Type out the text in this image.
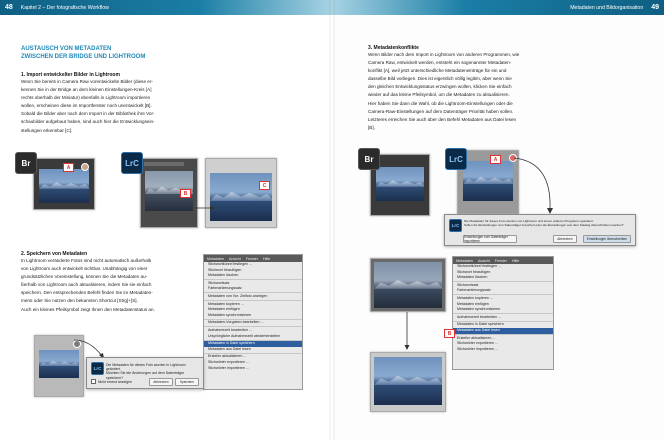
48	Kapitel 2 – Der fotografische Workflow
AUSTAUSCH VON METADATEN
ZWISCHEN DER BRIDGE UND LIGHTROOM
1. Import entwickelter Bilder in Lightroom
Wenn Sie bereits in Camera Raw vorentwickelte Bilder (diese er-
kennen Sie in der Bridge an dem kleinen Einstellungen-Kreis [A]
rechts oberhalb der Miniatur) ebenfalls in Lightroom importieren
wollen, erscheinen diese im Importfenster noch unentwickelt [B].
Sobald die Bilder aber nach dem Import in der Bibliothek ihre Vor-
schaubilder aufgebaut haben, sind auch hier die Entwicklungsein-
stellungen erkennbar [C].
Br	A	LrC
B
C
2. Speichern von Metadaten
In Lightroom veränderte Fotos sind nicht automatisch außerhalb
von Lightroom auch entwickelt sichtbar. Unabhängig von einer
grundsätzlichen Voreinstellung, können Sie die Metadaten au-
ßerhalb von Lightroom auch aktualisieren, indem Sie sie einfach
speichern. Den entsprechenden Befehl finden Sie im Metadaten-
menü oder Sie nutzen den bekannten Shortcut [Strg]+[S].
Auch ein kleines Pfeilsymbol zeigt Ihnen den Metadatenstatus an.
Metadaten Ansicht Fenster Hilfe
Stichwortkürzel festlegen ...
Stichwort hinzufügen
Metadaten löschen
Stichwortsatz
Farbmarkierungssatz
Metadaten von Vor. Zielfoto anzeigen
Metadaten kopieren ...
Metadaten einfügen
Metadaten synchronisieren
Metadaten-Vorgaben bearbeiten ...
Aufnahmezeit bearbeiten ...
Ursprüngliche Aufnahmezeit wiederherstellen
Metadaten in Datei speichern
Metadaten aus Datei lesen
Ersteller aktualisieren ...
Stichwörter exportieren ...
Stichwörter importieren ...
LrC
Die Metadaten für dieses Foto wurden in Lightroom geändert.
Möchten Sie die Änderungen auf dem Datenträger speichern?
Nicht erneut anzeigen	Abbrechen	Speichern
Metadaten und Bildorganisation	49
3. Metadatenkonflikte
Wenn Bilder nach dem Import in Lightroom von anderen Programmen, wie
Camera Raw, entwickelt werden, entsteht ein sogenannter Metadaten-
konflikt [A], weil jetzt unterschiedliche Metadateneinträge für ein und
dasselbe Bild vorliegen. Dies ist eigentlich völlig legitim, aber wenn Sie
den gleichen Entwicklungsstatus erzwingen wollen, klicken Sie einfach
wieder auf das kleine Pfeilsymbol, um die Metadaten zu aktualisieren.
Hier haben Sie dann die Wahl, ob die Lightroom-Einstellungen oder die
Camera-Raw-Einstellungen auf dem Datenträger Priorität haben sollen.
Letzteres erreichen Sie auch über den Befehl Metadaten aus Datei lesen
[B].
Br	LrC	A
LrC
Die Metadaten für dieses Foto wurden von Lightroom und einem anderen Programm geändert.
Sollen die Einstellungen vom Datenträger importiert oder die Einstellungen aus dem Katalog überschrieben werden?
Einstellungen vom Datenträger importieren	Abbrechen	Einstellungen überschreiben
Metadaten Ansicht Fenster Hilfe
Stichwortkürzel festlegen ...
Stichwort hinzufügen
Metadaten löschen
Stichwortsatz
Farbmarkierungssatz
Metadaten kopieren ...
Metadaten einfügen
Metadaten synchronisieren
Aufnahmezeit bearbeiten ...
Metadaten in Datei speichern
Metadaten aus Datei lesen
Ersteller aktualisieren ...
Stichwörter exportieren ...
Stichwörter importieren ...
B
